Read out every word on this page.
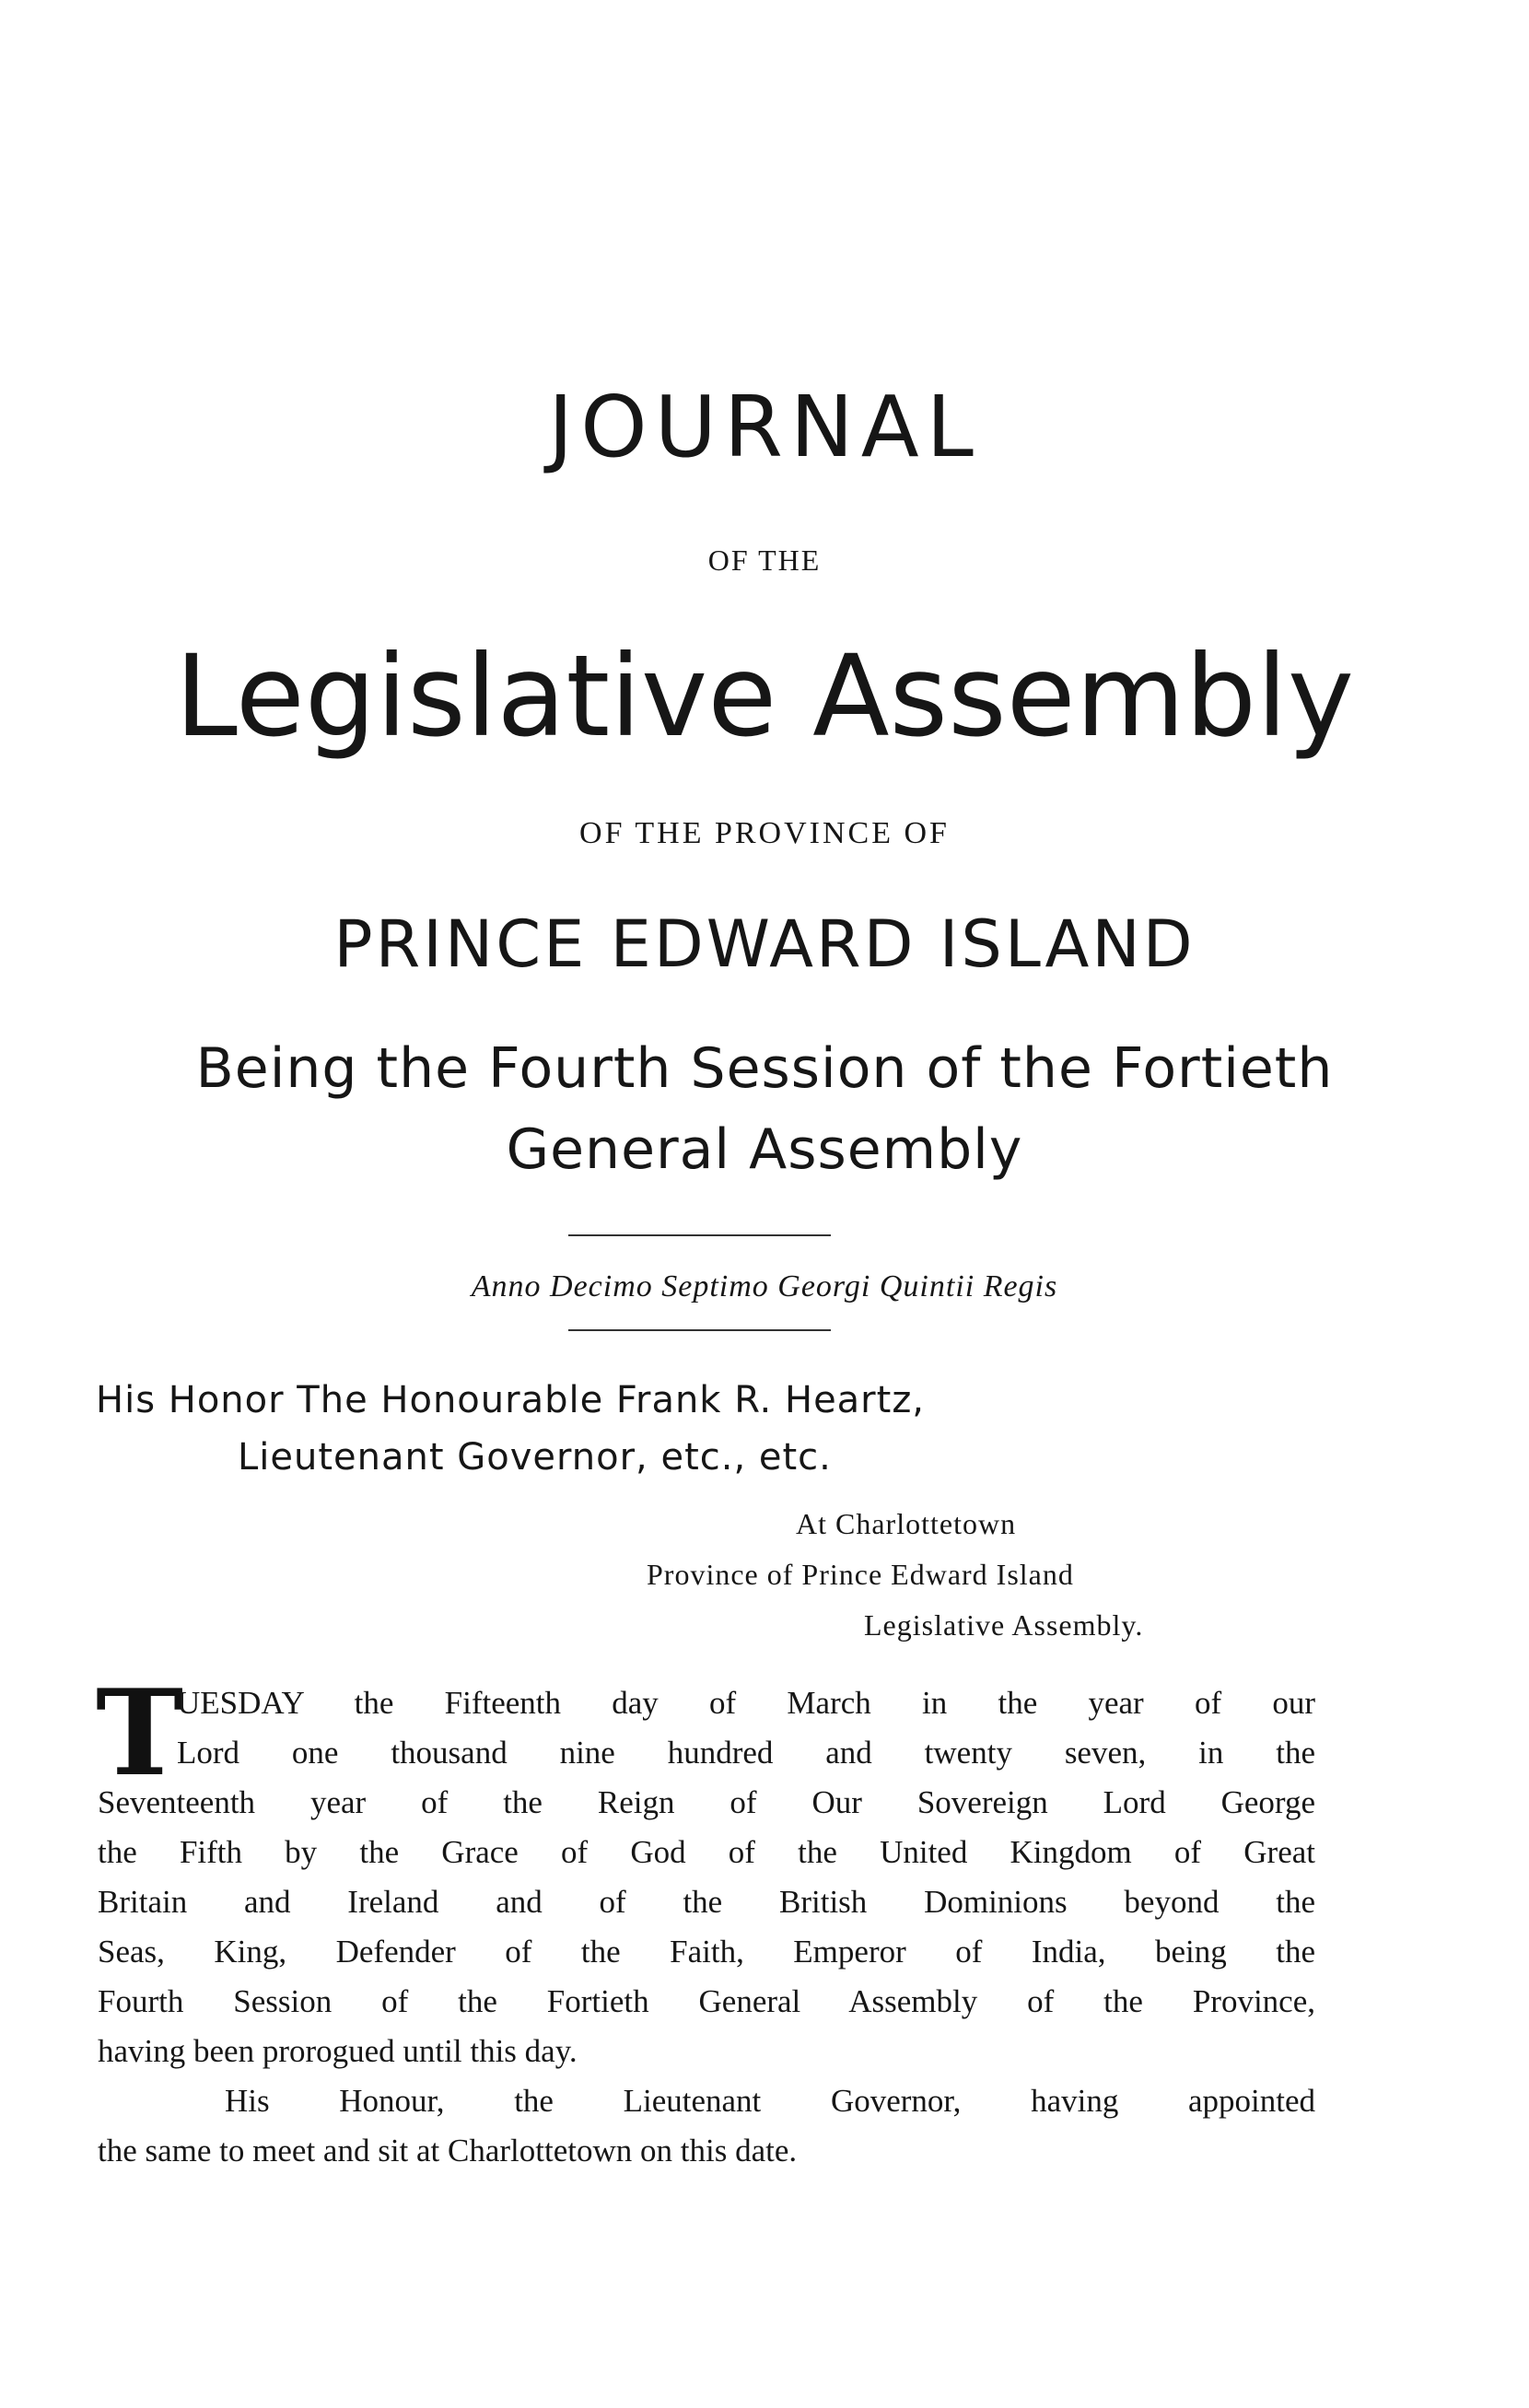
JOURNAL
OF THE
Legislative Assembly
OF THE PROVINCE OF
PRINCE EDWARD ISLAND
Being the Fourth Session of the Fortieth
General Assembly
Anno Decimo Septimo Georgi Quintii Regis
His Honor The Honourable Frank R. Heartz,
Lieutenant Governor, etc., etc.
At Charlottetown
Province of Prince Edward Island
Legislative Assembly.
T
UESDAY the Fifteenth day of March in the year of our
Lord one thousand nine hundred and twenty seven, in the
Seventeenth year of the Reign of Our Sovereign Lord George
the Fifth by the Grace of God of the United Kingdom of Great
Britain and Ireland and of the British Dominions beyond the
Seas, King, Defender of the Faith, Emperor of India, being the
Fourth Session of the Fortieth General Assembly of the Province,
having been prorogued until this day.
His Honour, the Lieutenant Governor, having appointed
the same to meet and sit at Charlottetown on this date.
